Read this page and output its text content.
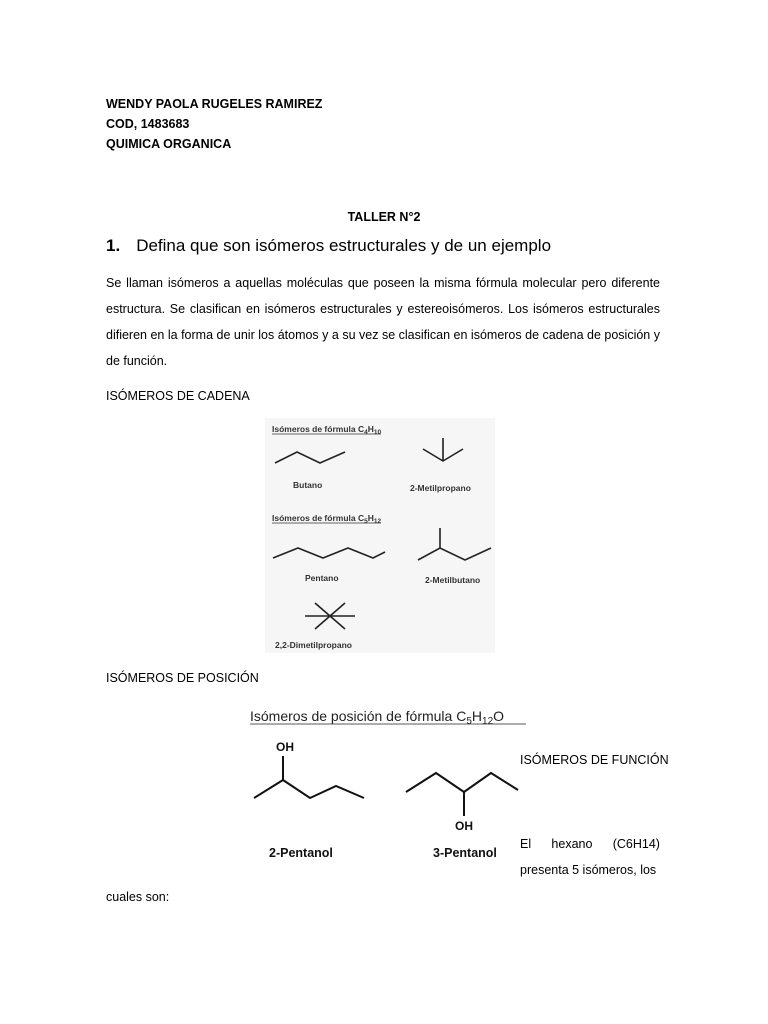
WENDY PAOLA RUGELES RAMIREZ
COD, 1483683
QUIMICA ORGANICA
TALLER N°2
1. Defina que son isómeros estructurales y de un ejemplo
Se llaman isómeros a aquellas moléculas que poseen la misma fórmula molecular pero diferente
estructura. Se clasifican en isómeros estructurales y estereoisómeros. Los isómeros estructurales
difieren en la forma de unir los átomos y a su vez se clasifican en isómeros de cadena de posición y
de función.
ISÓMEROS DE CADENA
Isómeros de fórmula $C_4H_{10}$
Butano	2-Metilpropano
Isómeros de fórmula $C_5H_{12}$
Pentano	2-Metilbutano
2,2-Dimetilpropano
ISÓMEROS DE POSICIÓN
Isómeros de posición de fórmula $C_5H_{12}O$
OH
2-Pentanol
OH
3-Pentanol
ISÓMEROS DE FUNCIÓN
El hexano (C6H14)
presenta 5 isómeros, los
cuales son:
